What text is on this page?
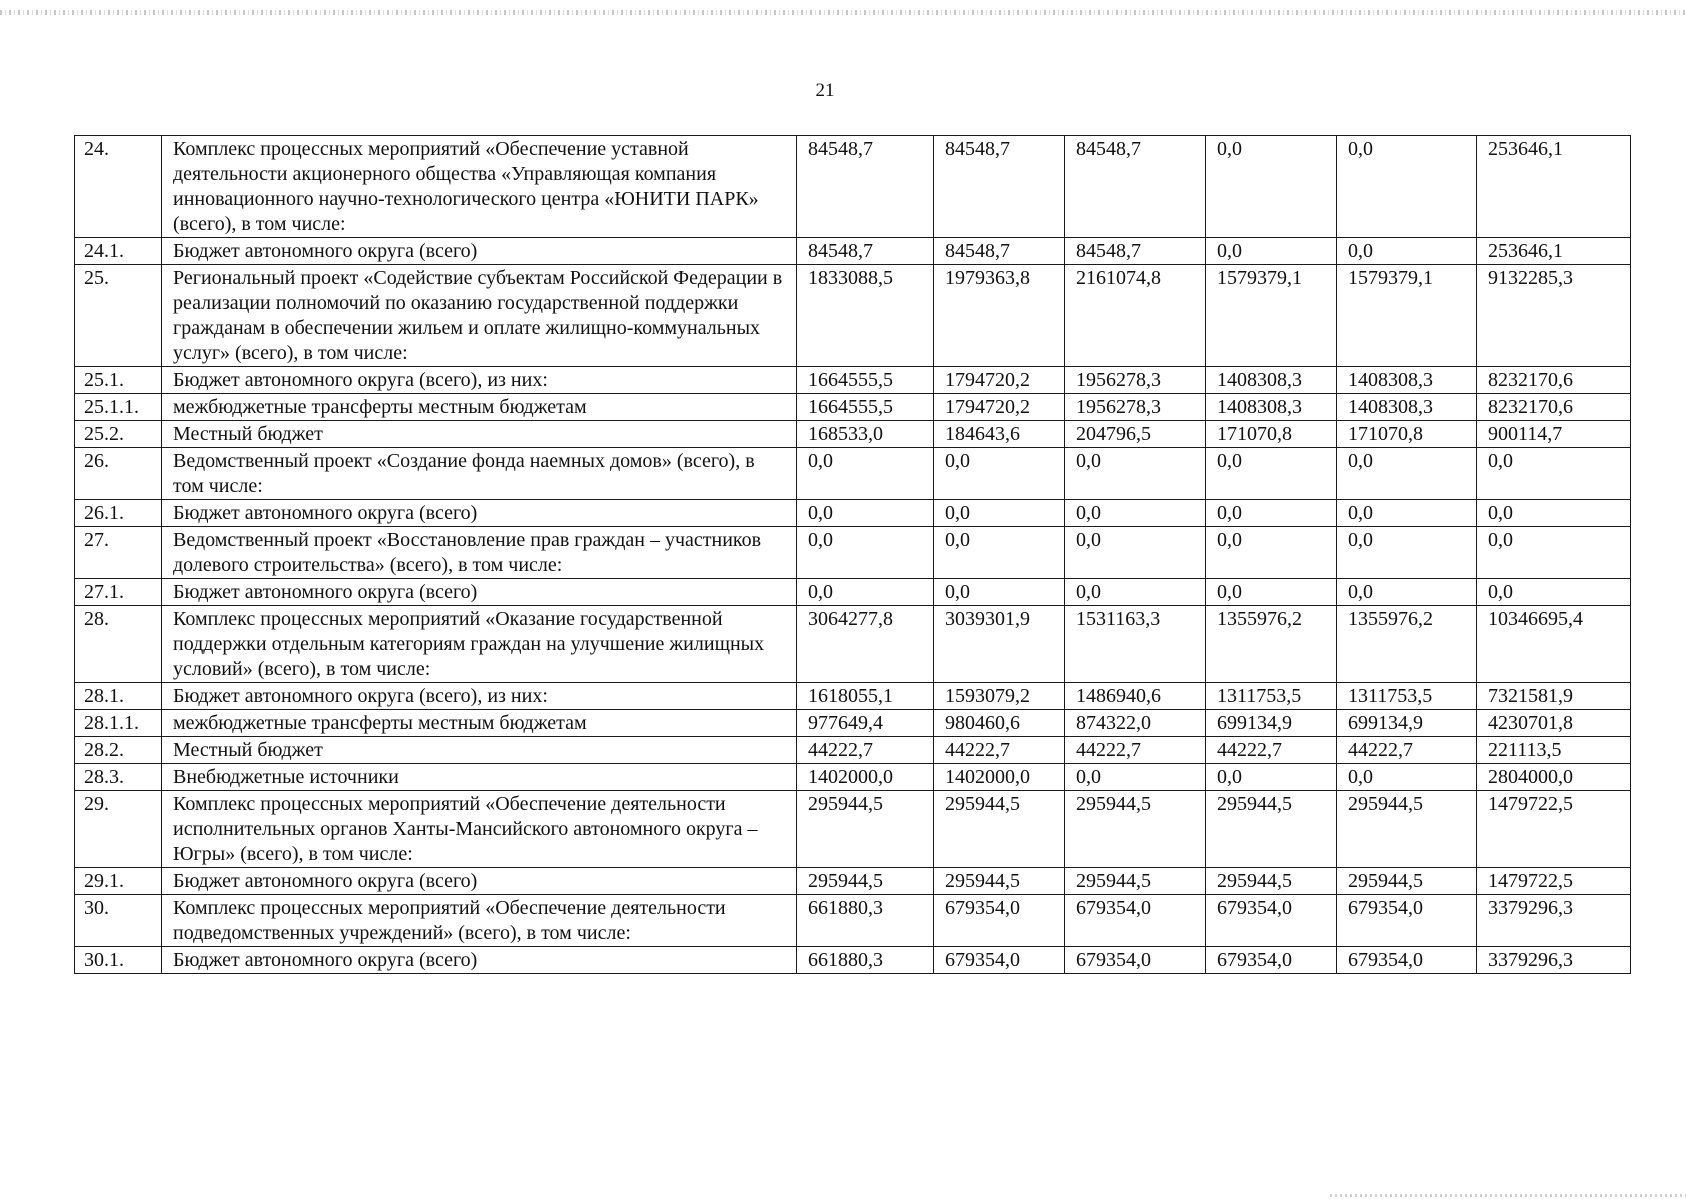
21
24.	Комплекс процессных мероприятий «Обеспечение уставной деятельности акционерного общества «Управляющая компания инновационного научно-технологического центра «ЮНИТИ ПАРК» (всего), в том числе:	84548,7	84548,7	84548,7	0,0	0,0	253646,1
24.1.	Бюджет автономного округа (всего)	84548,7	84548,7	84548,7	0,0	0,0	253646,1
25.	Региональный проект «Содействие субъектам Российской Федерации в реализации полномочий по оказанию государственной поддержки гражданам в обеспечении жильем и оплате жилищно-коммунальных услуг» (всего), в том числе:	1833088,5	1979363,8	2161074,8	1579379,1	1579379,1	9132285,3
25.1.	Бюджет автономного округа (всего), из них:	1664555,5	1794720,2	1956278,3	1408308,3	1408308,3	8232170,6
25.1.1.	межбюджетные трансферты местным бюджетам	1664555,5	1794720,2	1956278,3	1408308,3	1408308,3	8232170,6
25.2.	Местный бюджет	168533,0	184643,6	204796,5	171070,8	171070,8	900114,7
26.	Ведомственный проект «Создание фонда наемных домов» (всего), в том числе:	0,0	0,0	0,0	0,0	0,0	0,0
26.1.	Бюджет автономного округа (всего)	0,0	0,0	0,0	0,0	0,0	0,0
27.	Ведомственный проект «Восстановление прав граждан – участников долевого строительства» (всего), в том числе:	0,0	0,0	0,0	0,0	0,0	0,0
27.1.	Бюджет автономного округа (всего)	0,0	0,0	0,0	0,0	0,0	0,0
28.	Комплекс процессных мероприятий «Оказание государственной поддержки отдельным категориям граждан на улучшение жилищных условий» (всего), в том числе:	3064277,8	3039301,9	1531163,3	1355976,2	1355976,2	10346695,4
28.1.	Бюджет автономного округа (всего), из них:	1618055,1	1593079,2	1486940,6	1311753,5	1311753,5	7321581,9
28.1.1.	межбюджетные трансферты местным бюджетам	977649,4	980460,6	874322,0	699134,9	699134,9	4230701,8
28.2.	Местный бюджет	44222,7	44222,7	44222,7	44222,7	44222,7	221113,5
28.3.	Внебюджетные источники	1402000,0	1402000,0	0,0	0,0	0,0	2804000,0
29.	Комплекс процессных мероприятий «Обеспечение деятельности исполнительных органов Ханты-Мансийского автономного округа – Югры» (всего), в том числе:	295944,5	295944,5	295944,5	295944,5	295944,5	1479722,5
29.1.	Бюджет автономного округа (всего)	295944,5	295944,5	295944,5	295944,5	295944,5	1479722,5
30.	Комплекс процессных мероприятий «Обеспечение деятельности подведомственных учреждений» (всего), в том числе:	661880,3	679354,0	679354,0	679354,0	679354,0	3379296,3
30.1.	Бюджет автономного округа (всего)	661880,3	679354,0	679354,0	679354,0	679354,0	3379296,3
